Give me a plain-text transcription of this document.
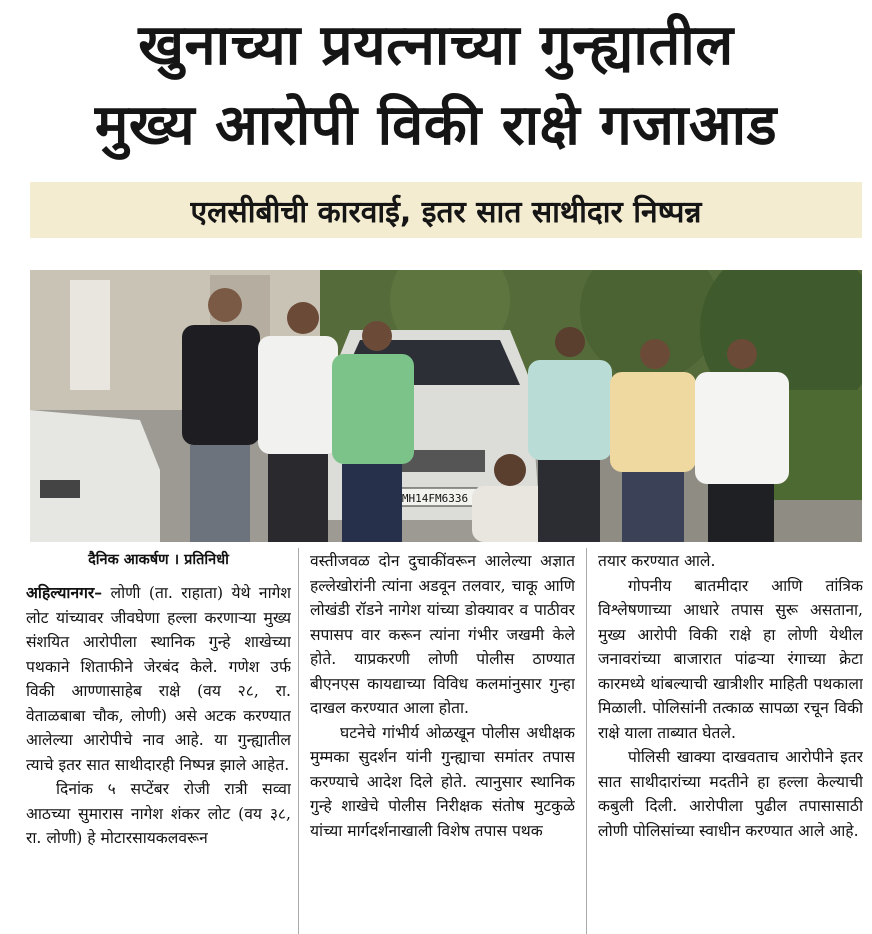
खुनाच्या प्रयत्नाच्या गुन्ह्यातील
मुख्य आरोपी विकी राक्षे गजाआड
एलसीबीची कारवाई, इतर सात साथीदार निष्पन्न
MH14FM6336
CRETA

दैनिक आकर्षण । प्रतिनिधी

अहिल्यानगर– लोणी (ता. राहाता) येथे नागेश लोट यांच्यावर जीवघेणा हल्ला करणाऱ्या मुख्य संशयित आरोपीला स्थानिक गुन्हे शाखेच्या पथकाने शिताफीने जेरबंद केले. गणेश उर्फ विकी आण्णासाहेब राक्षे (वय २८, रा. वेताळबाबा चौक, लोणी) असे अटक करण्यात आलेल्या आरोपीचे नाव आहे. या गुन्ह्यातील त्याचे इतर सात साथीदारही निष्पन्न झाले आहेत.

दिनांक ५ सप्टेंबर रोजी रात्री सव्वा आठच्या सुमारास नागेश शंकर लोट (वय ३८, रा. लोणी) हे मोटारसायकलवरून

वस्तीजवळ दोन दुचाकींवरून आलेल्या अज्ञात हल्लेखोरांनी त्यांना अडवून तलवार, चाकू आणि लोखंडी रॉडने नागेश यांच्या डोक्यावर व पाठीवर सपासप वार करून त्यांना गंभीर जखमी केले होते. याप्रकरणी लोणी पोलीस ठाण्यात बीएनएस कायद्याच्या विविध कलमांनुसार गुन्हा दाखल करण्यात आला होता.

घटनेचे गांभीर्य ओळखून पोलीस अधीक्षक मुम्मका सुदर्शन यांनी गुन्ह्याचा समांतर तपास करण्याचे आदेश दिले होते. त्यानुसार स्थानिक गुन्हे शाखेचे पोलीस निरीक्षक संतोष मुटकुळे यांच्या मार्गदर्शनाखाली विशेष तपास पथक

तयार करण्यात आले.

गोपनीय बातमीदार आणि तांत्रिक विश्लेषणाच्या आधारे तपास सुरू असताना, मुख्य आरोपी विकी राक्षे हा लोणी येथील जनावरांच्या बाजारात पांढऱ्या रंगाच्या क्रेटा कारमध्ये थांबल्याची खात्रीशीर माहिती पथकाला मिळाली. पोलिसांनी तत्काळ सापळा रचून विकी राक्षे याला ताब्यात घेतले.

पोलिसी खाक्या दाखवताच आरोपीने इतर सात साथीदारांच्या मदतीने हा हल्ला केल्याची कबुली दिली. आरोपीला पुढील तपासासाठी लोणी पोलिसांच्या स्वाधीन करण्यात आले आहे.
